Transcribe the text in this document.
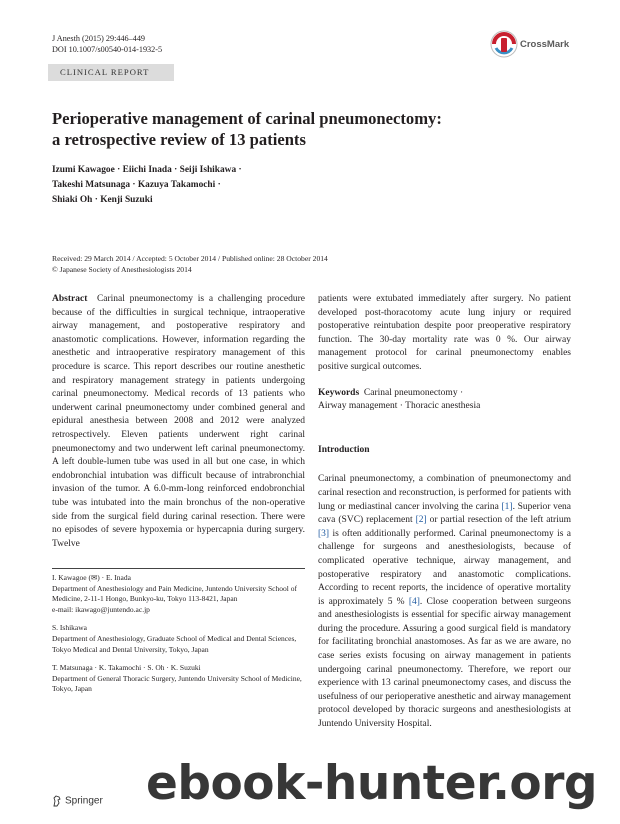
J Anesth (2015) 29:446–449
DOI 10.1007/s00540-014-1932-5	CrossMark
CLINICAL REPORT
Perioperative management of carinal pneumonectomy:
a retrospective review of 13 patients
Izumi Kawagoe · Eiichi Inada · Seiji Ishikawa ·
Takeshi Matsunaga · Kazuya Takamochi ·
Shiaki Oh · Kenji Suzuki
Received: 29 March 2014 / Accepted: 5 October 2014 / Published online: 28 October 2014
© Japanese Society of Anesthesiologists 2014

Abstract Carinal pneumonectomy is a challenging procedure because of the difficulties in surgical technique, intraoperative airway management, and postoperative respiratory and anastomotic complications. However, information regarding the anesthetic and intraoperative respiratory management of this procedure is scarce. This report describes our routine anesthetic and respiratory management strategy in patients undergoing carinal pneumonectomy. Medical records of 13 patients who underwent carinal pneumonectomy under combined general and epidural anesthesia between 2008 and 2012 were analyzed retrospectively. Eleven patients underwent right carinal pneumonectomy and two underwent left carinal pneumonectomy. A left double-lumen tube was used in all but one case, in which endobronchial intubation was difficult because of intrabronchial invasion of the tumor. A 6.0-mm-long reinforced endobronchial tube was intubated into the main bronchus of the non-operative side from the surgical field during carinal resection. There were no episodes of severe hypoxemia or hypercapnia during surgery. Twelve

I. Kawagoe (✉) · E. Inada
Department of Anesthesiology and Pain Medicine, Juntendo University School of Medicine, 2-11-1 Hongo, Bunkyo-ku, Tokyo 113-8421, Japan
e-mail: ikawago@juntendo.ac.jp

S. Ishikawa
Department of Anesthesiology, Graduate School of Medical and Dental Sciences, Tokyo Medical and Dental University, Tokyo, Japan

T. Matsunaga · K. Takamochi · S. Oh · K. Suzuki
Department of General Thoracic Surgery, Juntendo University School of Medicine, Tokyo, Japan

patients were extubated immediately after surgery. No patient developed post-thoracotomy acute lung injury or required postoperative reintubation despite poor preoperative respiratory function. The 30-day mortality rate was 0 %. Our airway management protocol for carinal pneumonectomy enables positive surgical outcomes.

Keywords Carinal pneumonectomy ·
Airway management · Thoracic anesthesia

Introduction

Carinal pneumonectomy, a combination of pneumonectomy and carinal resection and reconstruction, is performed for patients with lung or mediastinal cancer involving the carina [1]. Superior vena cava (SVC) replacement [2] or partial resection of the left atrium [3] is often additionally performed. Carinal pneumonectomy is a challenge for surgeons and anesthesiologists, because of complicated operative technique, airway management, and postoperative respiratory and anastomotic complications. According to recent reports, the incidence of operative mortality is approximately 5 % [4]. Close cooperation between surgeons and anesthesiologists is essential for specific airway management during the procedure. Assuring a good surgical field is mandatory for facilitating bronchial anastomoses. As far as we are aware, no case series exists focusing on airway management in patients undergoing carinal pneumonectomy. Therefore, we report our experience with 13 carinal pneumonectomy cases, and discuss the usefulness of our perioperative anesthetic and airway management protocol developed by thoracic surgeons and anesthesiologists at Juntendo University Hospital.

Springer ebook-hunter.org
